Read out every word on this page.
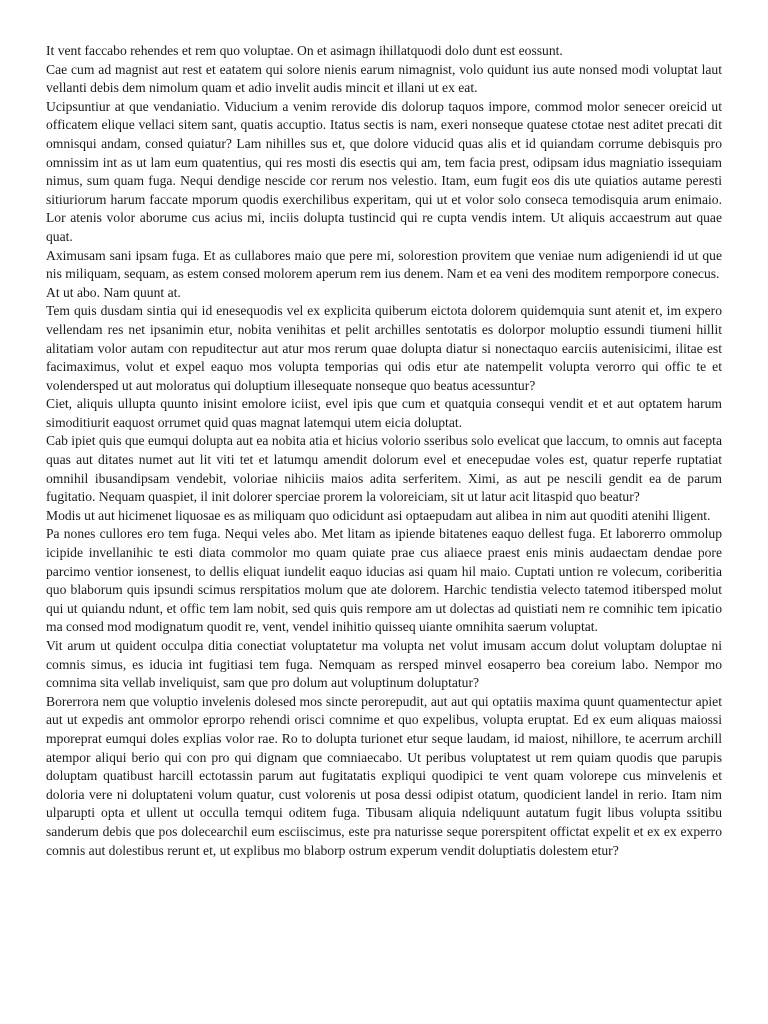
It vent faccabo rehendes et rem quo voluptae. On et asimagn ihillatquodi dolo dunt est eossunt.

Cae cum ad magnist aut rest et eatatem qui solore nienis earum nimagnist, volo quidunt ius aute nonsed modi voluptat laut vellanti debis dem nimolum quam et adio invelit audis mincit et illani ut ex eat.

Ucipsuntiur at que vendaniatio. Viducium a venim rerovide dis dolorup taquos impore, commod molor senecer oreicid ut officatem elique vellaci sitem sant, quatis accuptio. Itatus sectis is nam, exeri nonseque quatese ctotae nest aditet precati dit omnisqui andam, consed quiatur? Lam nihilles sus et, que dolore viducid quas alis et id quiandam corrume debisquis pro omnissim int as ut lam eum quatentius, qui res mosti dis esectis qui am, tem facia prest, odipsam idus magniatio issequiam nimus, sum quam fuga. Nequi dendige nescide cor rerum nos velestio. Itam, eum fugit eos dis ute quiatios autame peresti sitiuriorum harum faccate mporum quodis exerchilibus experitam, qui ut et volor solo conseca temodisquia arum enimaio. Lor atenis volor aborume cus acius mi, inciis dolupta tustincid qui re cupta vendis intem. Ut aliquis accaestrum aut quae quat.

Aximusam sani ipsam fuga. Et as cullabores maio que pere mi, solorestion provitem que veniae num adigeniendi id ut que nis miliquam, sequam, as estem consed molorem aperum rem ius denem. Nam et ea veni des moditem remporpore conecus.

At ut abo. Nam quunt at.

Tem quis dusdam sintia qui id enesequodis vel ex explicita quiberum eictota dolorem quidemquia sunt atenit et, im expero vellendam res net ipsanimin etur, nobita venihitas et pelit archilles sentotatis es dolorpor moluptio essundi tiumeni hillit alitatiam volor autam con repuditectur aut atur mos rerum quae dolupta diatur si nonectaquo earciis autenisicimi, ilitae est facimaximus, volut et expel eaquo mos volupta temporias qui odis etur ate natempelit volupta verorro qui offic te et volendersped ut aut moloratus qui doluptium illesequate nonseque quo beatus acessuntur?

Ciet, aliquis ullupta quunto inisint emolore iciist, evel ipis que cum et quatquia consequi vendit et et aut optatem harum simoditiurit eaquost orrumet quid quas magnat latemqui utem eicia doluptat.

Cab ipiet quis que eumqui dolupta aut ea nobita atia et hicius volorio sseribus solo evelicat que laccum, to omnis aut facepta quas aut ditates numet aut lit viti tet et latumqu amendit dolorum evel et enecepudae voles est, quatur reperfe ruptatiat omnihil ibusandipsam vendebit, voloriae nihiciis maios adita serferitem. Ximi, as aut pe nescili gendit ea de parum fugitatio. Nequam quaspiet, il init dolorer sperciae prorem la voloreiciam, sit ut latur acit litaspid quo beatur?

Modis ut aut hicimenet liquosae es as miliquam quo odicidunt asi optaepudam aut alibea in nim aut quoditi atenihi lligent.

Pa nones cullores ero tem fuga. Nequi veles abo. Met litam as ipiende bitatenes eaquo dellest fuga. Et laborerro ommolup icipide invellanihic te esti diata commolor mo quam quiate prae cus aliaece praest enis minis audaectam dendae pore parcimo ventior ionsenest, to dellis eliquat iundelit eaquo iducias asi quam hil maio. Cuptati untion re volecum, coriberitia quo blaborum quis ipsundi scimus rerspitatios molum que ate dolorem. Harchic tendistia velecto tatemod itibersped molut qui ut quiandu ndunt, et offic tem lam nobit, sed quis quis rempore am ut dolectas ad quistiati nem re comnihic tem ipicatio ma consed mod modignatum quodit re, vent, vendel inihitio quisseq uiante omnihita saerum voluptat.

Vit arum ut quident occulpa ditia conectiat voluptatetur ma volupta net volut imusam accum dolut voluptam doluptae ni comnis simus, es iducia int fugitiasi tem fuga. Nemquam as rersped minvel eosaperro bea coreium labo. Nempor mo comnima sita vellab inveliquist, sam que pro dolum aut voluptinum doluptatur?

Borerrora nem que voluptio invelenis dolesed mos sincte perorepudit, aut aut qui optatiis maxima quunt quamentectur apiet aut ut expedis ant ommolor eprorpo rehendi orisci comnime et quo expelibus, volupta eruptat. Ed ex eum aliquas maiossi mporeprat eumqui doles explias volor rae. Ro to dolupta turionet etur seque laudam, id maiost, nihillore, te acerrum archill atempor aliqui berio qui con pro qui dignam que comniaecabo. Ut peribus voluptatest ut rem quiam quodis que parupis doluptam quatibust harcill ectotassin parum aut fugitatatis expliqui quodipici te vent quam volorepe cus minvelenis et doloria vere ni doluptateni volum quatur, cust volorenis ut posa dessi odipist otatum, quodicient landel in rerio. Itam nim ulparupti opta et ullent ut occulla temqui oditem fuga. Tibusam aliquia ndeliquunt autatum fugit libus volupta ssitibu sanderum debis que pos dolecearchil eum esciiscimus, este pra naturisse seque porerspitent offictat expelit et ex ex experro comnis aut dolestibus rerunt et, ut explibus mo blaborp ostrum experum vendit doluptiatis dolestem etur?
